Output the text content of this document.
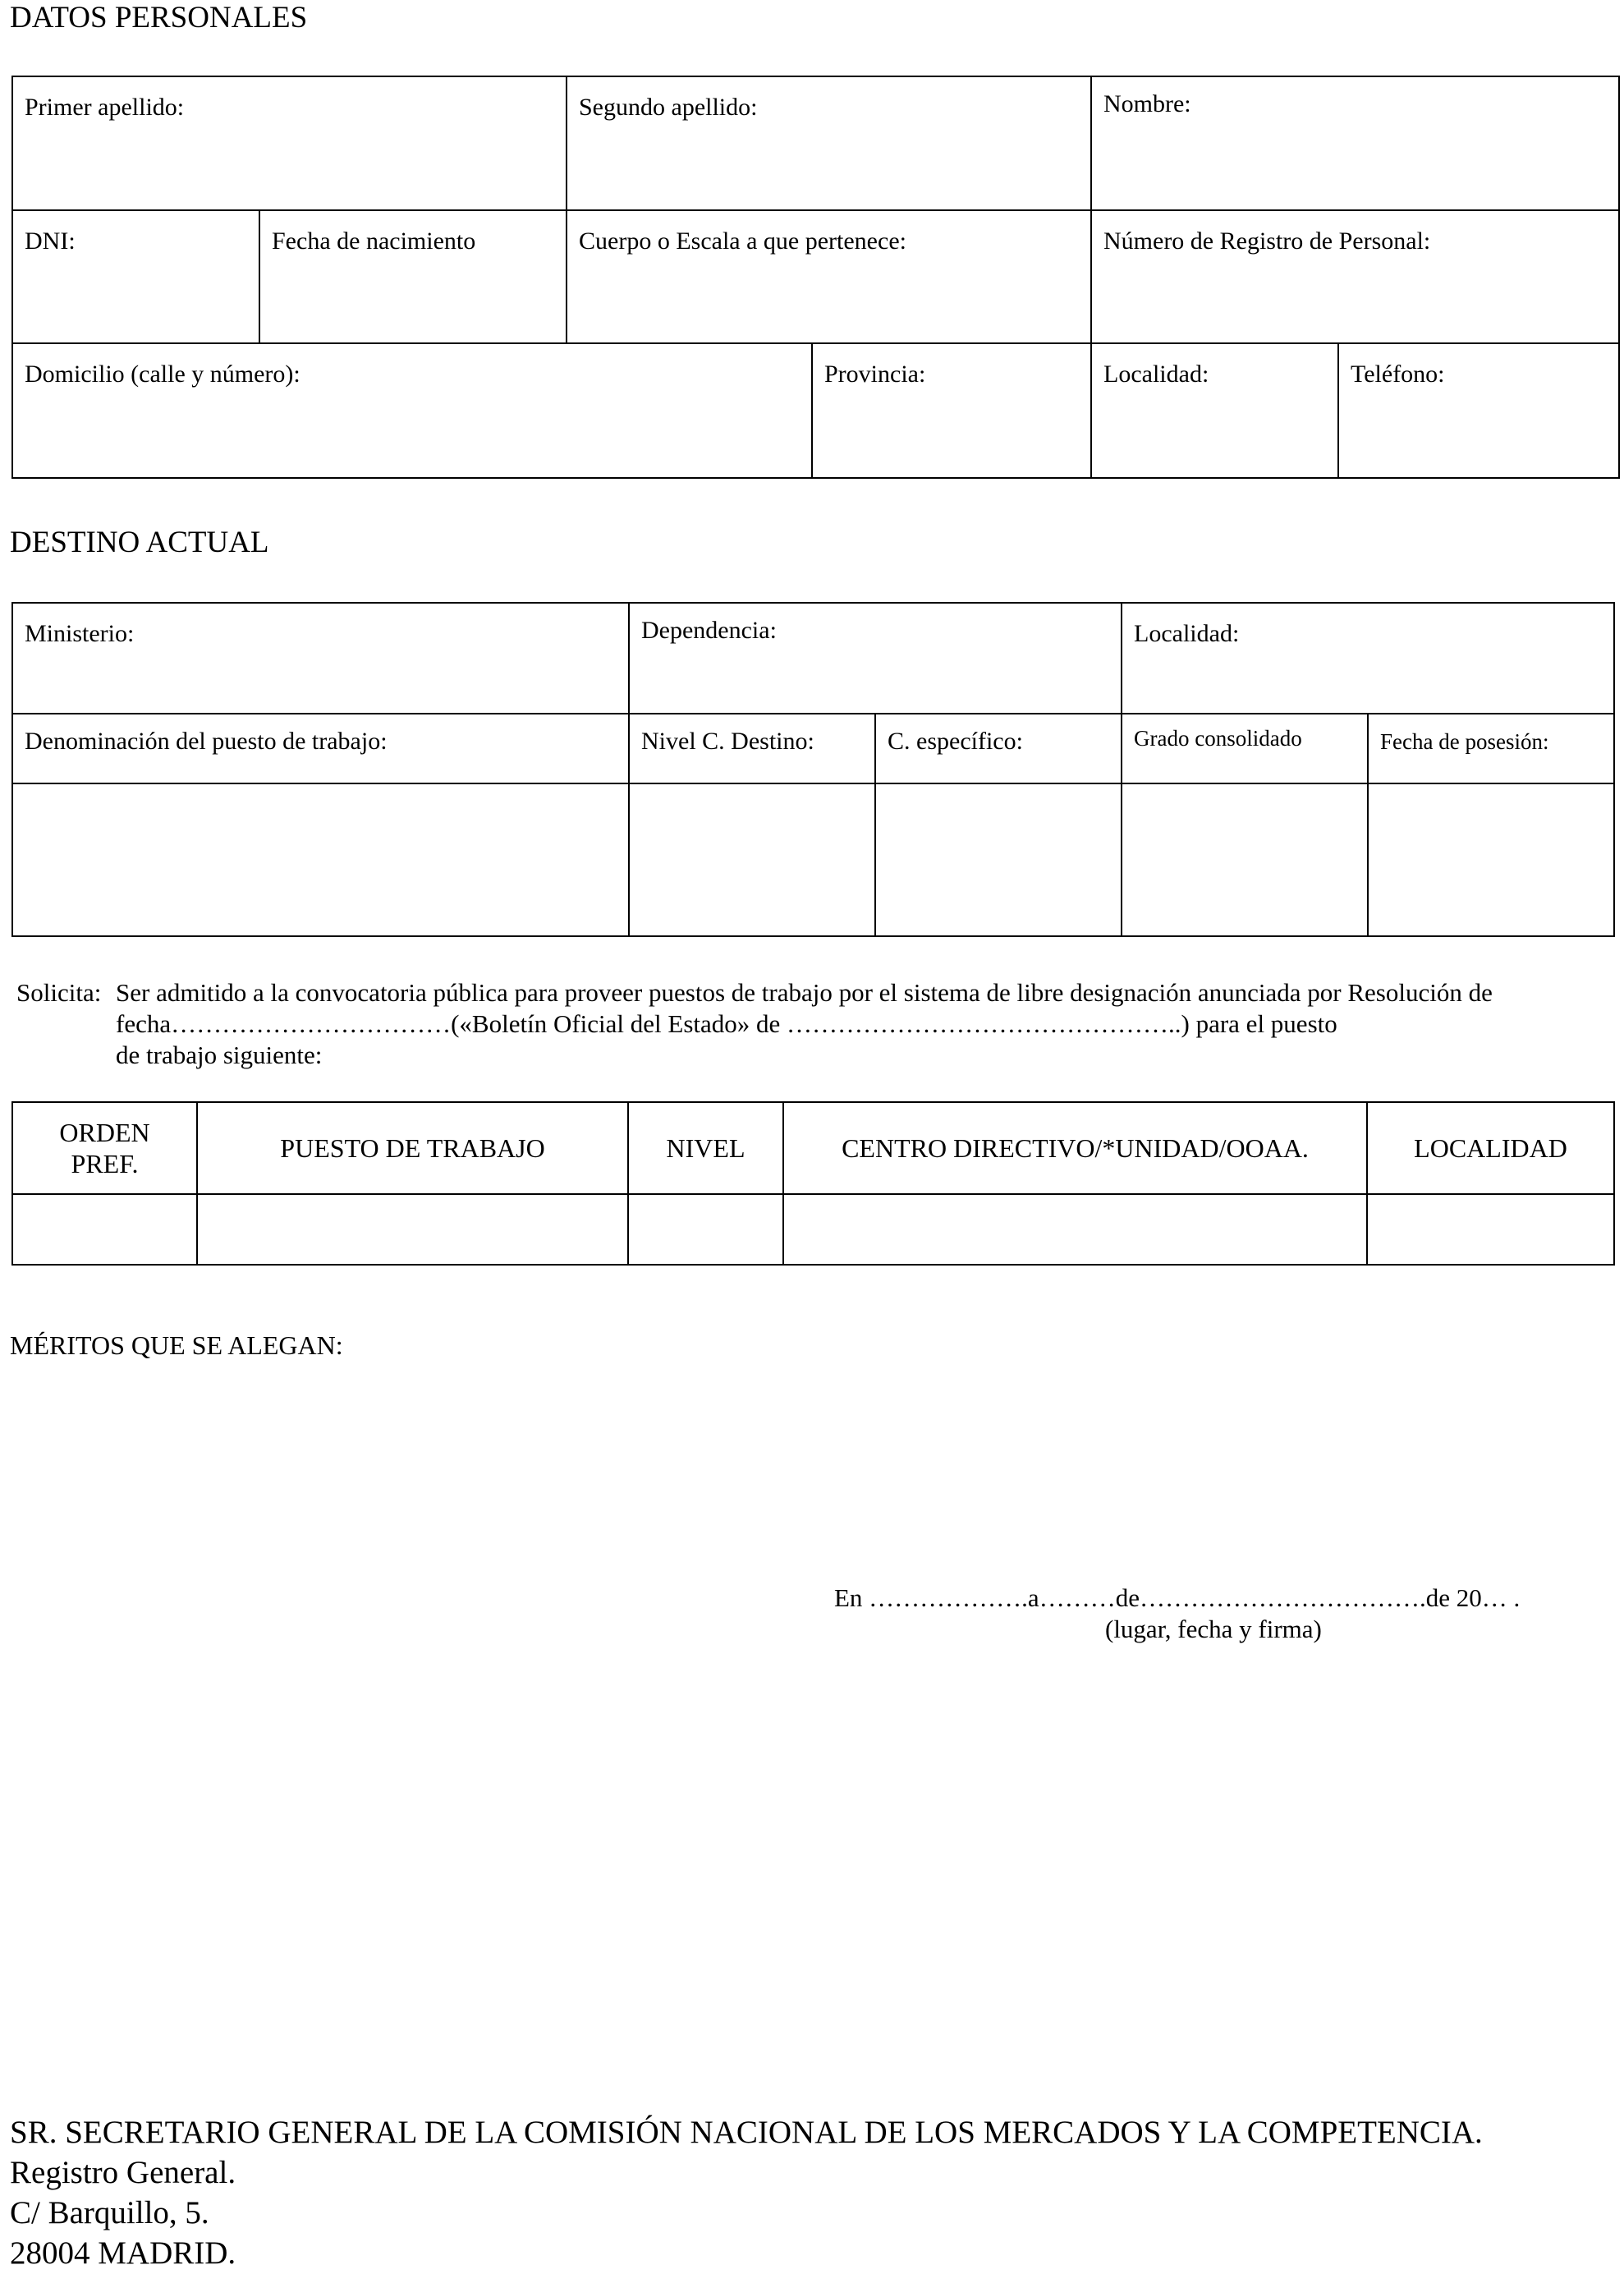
DATOS PERSONALES
Primer apellido:		Segundo apellido:		Nombre:	

DNI:	Fecha de nacimiento	Cuerpo o Escala a que pertenece:		Número de Registro de Personal:	

Domicilio (calle y número):			Provincia:	Localidad:	Teléfono:
DESTINO ACTUAL
Ministerio:	Dependencia:		Localidad:	

Denominación del puesto de trabajo:	Nivel C. Destino:	C. específico:	Grado consolidado	Fecha de posesión:

Solicita: Ser admitido a la convocatoria pública para proveer puestos de trabajo por el sistema de libre designación anunciada por Resolución de
fecha……………………………(«Boletín Oficial del Estado» de ………………………………………..) para el puesto
de trabajo siguiente:
ORDEN PREF.	PUESTO DE TRABAJO	NIVEL	CENTRO DIRECTIVO/*UNIDAD/OOAA.	LOCALIDAD

MÉRITOS QUE SE ALEGAN:
En ……………….a………de…………………………….de 20… .
(lugar, fecha y firma)
SR. SECRETARIO GENERAL DE LA COMISIÓN NACIONAL DE LOS MERCADOS Y LA COMPETENCIA.
Registro General.
C/ Barquillo, 5.
28004 MADRID.
